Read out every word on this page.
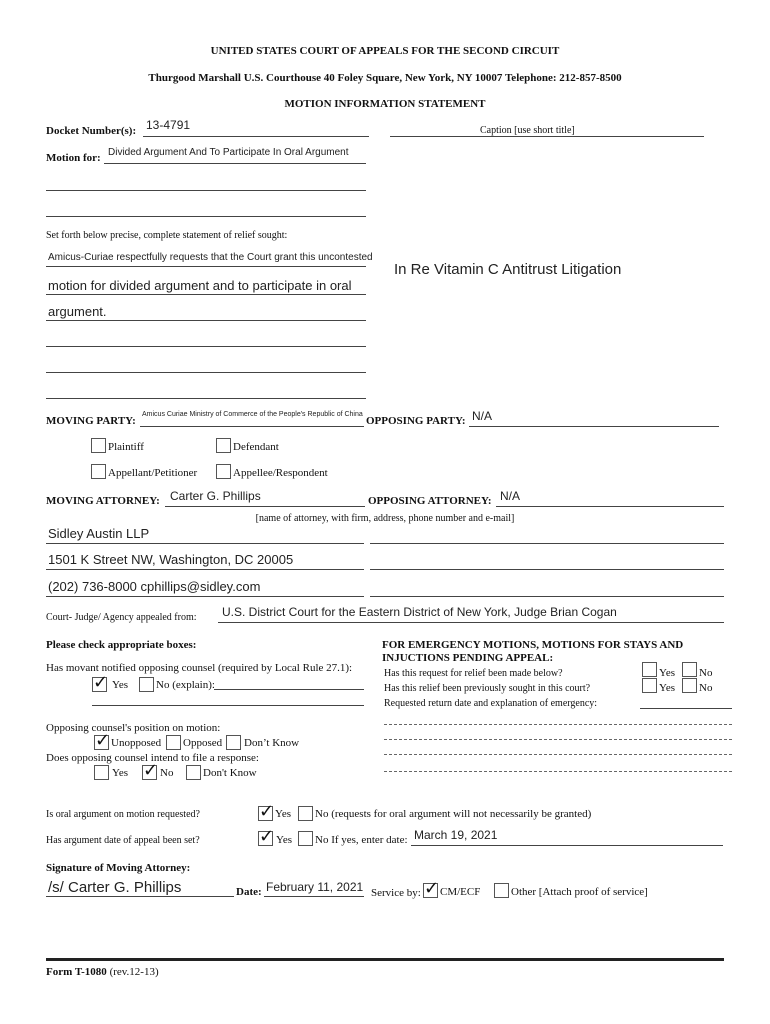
UNITED STATES COURT OF APPEALS FOR THE SECOND CIRCUIT
Thurgood Marshall U.S. Courthouse 40 Foley Square, New York, NY 10007 Telephone: 212-857-8500
MOTION INFORMATION STATEMENT
Docket Number(s): 13-4791	Caption [use short title]
Motion for: Divided Argument And To Participate In Oral Argument
Set forth below precise, complete statement of relief sought:
Amicus-Curiae respectfully requests that the Court grant this uncontested
motion for divided argument and to participate in oral
argument.
In Re Vitamin C Antitrust Litigation
MOVING PARTY:
Amicus Curiae Ministry of Commerce of the People's Republic of China
OPPOSING PARTY: N/A
Plaintiff	Defendant
Appellant/Petitioner	Appellee/Respondent
MOVING ATTORNEY: Carter G. Phillips	OPPOSING ATTORNEY: N/A
[name of attorney, with firm, address, phone number and e-mail]
Sidley Austin LLP
1501 K Street NW, Washington, DC 20005
(202) 736-8000 cphillips@sidley.com
Court- Judge/ Agency appealed from: U.S. District Court for the Eastern District of New York, Judge Brian Cogan
Please check appropriate boxes:
Has movant notified opposing counsel (required by Local Rule 27.1):
✓ Yes	No (explain):
Opposing counsel's position on motion:
✓ Unopposed Opposed Don’t Know
Does opposing counsel intend to file a response:
Yes ✓ No	Don't Know
FOR EMERGENCY MOTIONS, MOTIONS FOR STAYS AND
INJUCTIONS PENDING APPEAL:
Has this request for relief been made below?	Yes No
Has this relief been previously sought in this court?	Yes No
Requested return date and explanation of emergency:
Is oral argument on motion requested?	✓ Yes No (requests for oral argument will not necessarily be granted)
Has argument date of appeal been set?	✓ Yes No If yes, enter date: March 19, 2021
Signature of Moving Attorney:
/s/ Carter G. Phillips	Date: February 11, 2021 Service by: ✓ CM/ECF	Other [Attach proof of service]
Form T-1080 (rev.12-13)
